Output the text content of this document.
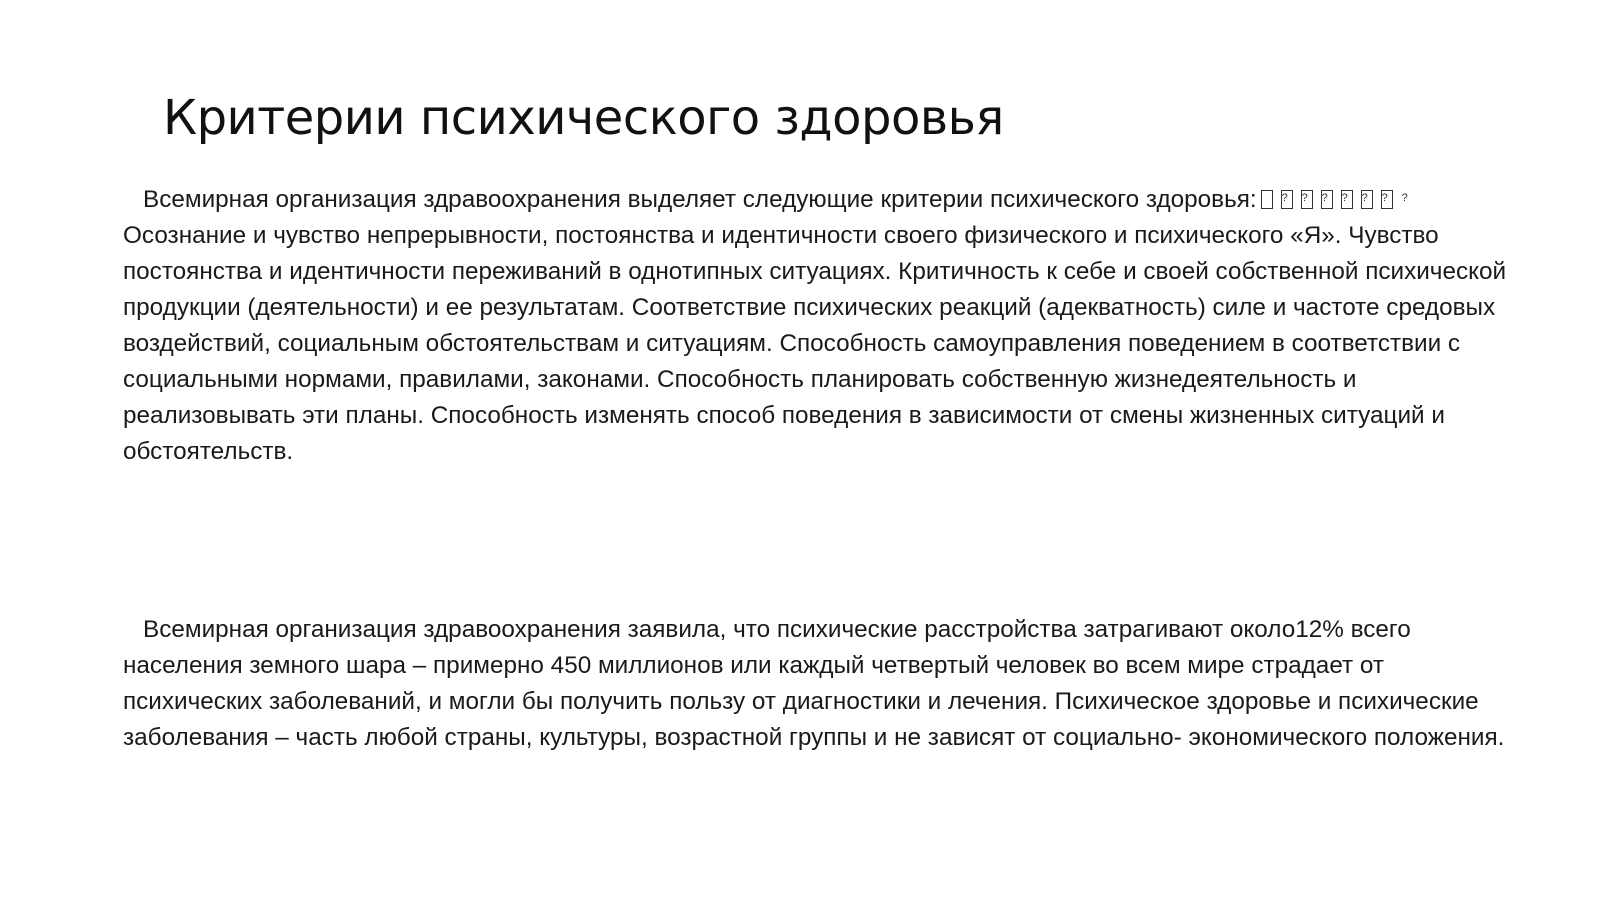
Критерии психического здоровья

Всемирная организация здравоохранения выделяет следующие критерии психического здоровья:???????Осознание и чувство непрерывности, постоянства и идентичности своего физического и психического «Я». Чувство постоянства и идентичности переживаний в однотипных ситуациях. Критичность к себе и своей собственной психической продукции (деятельности) и ее результатам. Соответствие психических реакций (адекватность) силе и частоте средовых воздействий, социальным обстоятельствам и ситуациям. Способность самоуправления поведением в соответствии с социальными нормами, правилами, законами. Способность планировать собственную жизнедеятельность и реализовывать эти планы. Способность изменять способ поведения в зависимости от смены жизненных ситуаций и обстоятельств.

Всемирная организация здравоохранения заявила, что психические расстройства затрагивают около12% всего населения земного шара – примерно 450 миллионов или каждый четвертый человек во всем мире страдает от психических заболеваний, и могли бы получить пользу от диагностики и лечения. Психическое здоровье и психические заболевания – часть любой страны, культуры, возрастной группы и не зависят от социально- экономического положения.
